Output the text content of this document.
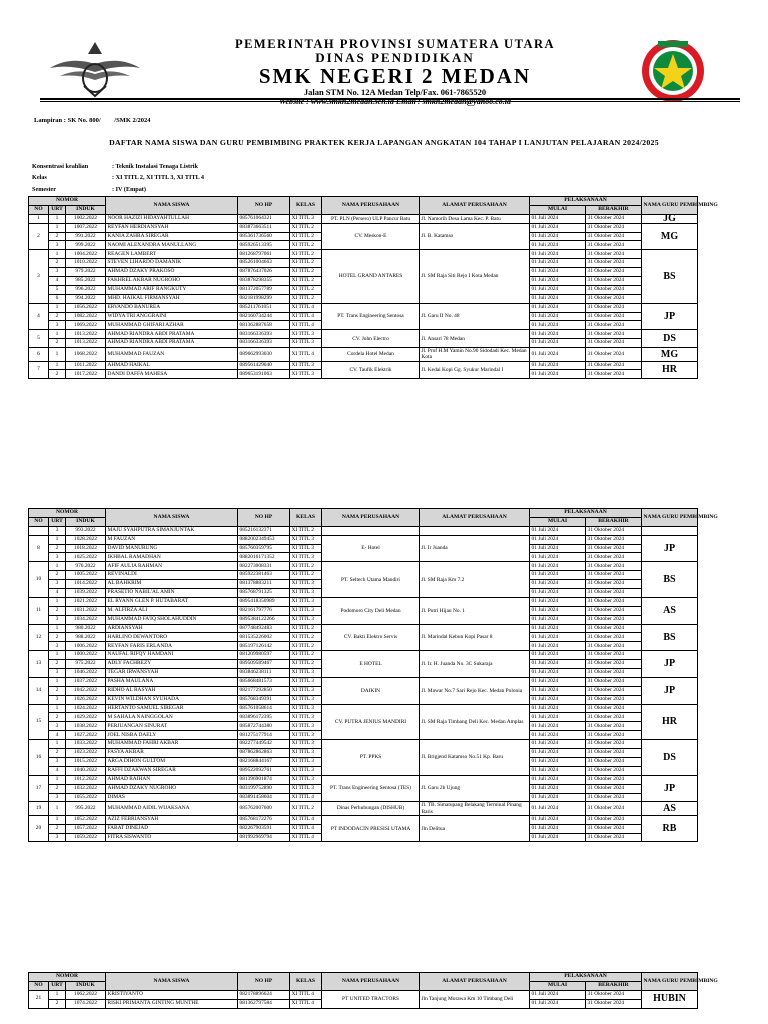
PEMERINTAH PROVINSI SUMATERA UTARA
DINAS PENDIDIKAN
SMK NEGERI 2 MEDAN
Jalan STM No. 12A Medan Telp/Fax. 061-7865520
Website : www.smkn2medan.sch.id Email : smkn2medan@yahoo.co.id
Lampiran : SK No. 800/ /SMK 2/2024
DAFTAR NAMA SISWA DAN GURU PEMBIMBING PRAKTEK KERJA LAPANGAN ANGKATAN 104 TAHAP I LANJUTAN PELAJARAN 2024/2025
Konsentrasi keahlian	: Teknik Instalasi Tenaga Listrik
Kelas	: XI TITL 2, XI TITL 3, XI TITL 4
Semester	: IV (Empat)
NOMOR			NAMA SISWA	NO HP	KELAS	NAMA PERUSAHAAN	ALAMAT PERUSAHAAN	PELAKSANAAN		NAMA GURU PEMBIMBING
NO	URT	INDUK						MULAI	BERAKHIR	
1	1	1002.2022	NOOR HAZIZI HIDAYAHTULLAH	085761064321	XI TITL 3	PT. PLN (Persero) ULP Pancur Batu	Jl. Namorih Desa Lama Kec. P. Batu	01 Juli 2024	31 Oktober 2024	JG
2	1	1007.2022	REYFAN HERDIANSYAH	083873663511	XI TITL 2	CV. Meskon-E	Jl. B. Katamso	01 Juli 2024	31 Oktober 2024	MG
	2	991.2022	KANIA ZAHRA SIREGAR	085361736560	XI TITL 2			01 Juli 2024	31 Oktober 2024	
	3	999.2022	NAOMI ALEXANDRA MANULLANG	085926513395	XI TITL 2			01 Juli 2024	31 Oktober 2024	
3	1	1004.2022	REAGEN LAMBERT	081268797061	XI TITL 2	HOTEL GRAND ANTARES	Jl. SM Raja Siti Rejo I Kota Medan	01 Juli 2024	31 Oktober 2024	BS
	2	1010.2022	STEVEN LIHARDO DAMANIK	085261004663	XI TITL 2			01 Juli 2024	31 Oktober 2024	
	3	979.2022	AHMAD DZAKY PRAKOSO	087876437026	XI TITL 2			01 Juli 2024	31 Oktober 2024	
	4	985.2022	FAKHREL AKBAR NUGROHO	083878298355	XI TITL 2			01 Juli 2024	31 Oktober 2024	
	5	996.2022	MUHAMMAD ARIF RANGKUTY	081372057789	XI TITL 2			01 Juli 2024	31 Oktober 2024	
	6	994.2022	MHD. HAIKAL FIRMANSYAH	082181998299	XI TITL 2			01 Juli 2024	31 Oktober 2024	
4	1	1056.2022	ERVANDO BANUREA	085211761051	XI TITL 4	PT. Trans Engineering Sentosa	Jl. Garu II No. 48	01 Juli 2024	31 Oktober 2024	JP
	2	1082.2022	WIDYA TRI ANGGRAINI	082160734244	XI TITL 4			01 Juli 2024	31 Oktober 2024	
	3	1069.2022	MUHAMMAD GHIFARI AZHAR	081362887658	XI TITL 4			01 Juli 2024	31 Oktober 2024	
5	1	1013.2022	AHMAD RIANDRA ABDI PRATAMA	083166336393	XI TITL 3	CV. John Electro	Jl. Ansari 78 Medan	01 Juli 2024	31 Oktober 2024	DS
	2	1013.2022	AHMAD RIANDRA ABDI PRATAMA	083166336393	XI TITL 3			01 Juli 2024	31 Oktober 2024	
6	1	1068.2022	MUHAMMAD FAUZAN	089662993030	XI TITL 4	Cordela Hotel Medan	Jl. Prof H.M Yamin No.90 Sidodadi Kec. Medan Kota	01 Juli 2024	31 Oktober 2024	MG
7	1	1011.2022	AHMAD HAIKAL	089561429040	XI TITL 3	CV. Taufik Elektrik	Jl. Kedai Kopi Gg. Syukur Marindal I	01 Juli 2024	31 Oktober 2024	HR
	2	1017.2022	DANDI DAFFA MAHESA	089653191063	XI TITL 3			01 Juli 2024	31 Oktober 2024	
NOMOR			NAMA SISWA	NO HP	KELAS	NAMA PERUSAHAAN	ALAMAT PERUSAHAAN	PELAKSANAAN		NAMA GURU PEMBIMBING
NO	URT	INDUK						MULAI	BERAKHIR	
	3	993.2022	MAJU SYAHPUTRA SIMANJUNTAK	085216132371	XI TITL 2			01 Juli 2024	31 Oktober 2024	
8	1	1028.2022	M FAUZAN	0882002349453	XI TITL 3	E- Hotel	Jl. Ir Juanda	01 Juli 2024	31 Oktober 2024	JP
	2	1018.2022	DAVID MANURUNG	085760359795	XI TITL 3			01 Juli 2024	31 Oktober 2024	
	3	1025.2022	IKHBAL RAMADHAN	0882016171352	XI TITL 3			01 Juli 2024	31 Oktober 2024	
10	1	976.2022	AFIF AULIA RAHMAN	082273008331	XI TITL 2	PT. Seltech Utama Mandiri	Jl. SM Raja Km 7.2	01 Juli 2024	31 Oktober 2024	BS
	2	1005.2022	REVINALDI	085922381463	XI TITL 2			01 Juli 2024	31 Oktober 2024	
	3	1014.2022	AL BAHKRIM	081378883211	XI TITL 3			01 Juli 2024	31 Oktober 2024	
	4	1039.2022	PRASETIO NABIL'AL AMIN	085768791325	XI TITL 3			01 Juli 2024	31 Oktober 2024	
11	1	1021.2022	EL RYANN GLEN P. HUTABARAT	0895418350989	XI TITL 3	Podomoro City Deli Medan	Jl. Putri Hijau No. 1	01 Juli 2024	31 Oktober 2024	AS
	2	1031.2022	M. ALFIRZA ALI	082161797776	XI TITL 3			01 Juli 2024	31 Oktober 2024	
	3	1034.2022	MUHAMMAD FA'IQ SHOLAHUDDIN	0895384122266	XI TITL 3			01 Juli 2024	31 Oktober 2024	
12	1	980.2022	ARDIANSYAH	087748492483	XI TITL 2	CV. Bakti Elektro Servis	Jl. Marindal Kebun Kopi Pasar 8	01 Juli 2024	31 Oktober 2024	BS
	2	988.2022	HARLINO DEWANTORO	081535226002	XI TITL 2			01 Juli 2024	31 Oktober 2024	
	3	1006.2022	REYFAN FARIS ERLANDA	085197126142	XI TITL 2			01 Juli 2024	31 Oktober 2024	
13	1	1000.2022	NAUFAL RIFQY HAMDANI	081209980597	XI TITL 2	E HOTEL	Jl. Ir. H. Juanda No. 3C Sukaraja	01 Juli 2024	31 Oktober 2024	JP
	2	975.2022	ADLY FACHREZY	089509589467	XI TITL 2			01 Juli 2024	31 Oktober 2024	
	3	1046.2022	TEGAR IRWANSYAH	083846238111	XI TITL 3			01 Juli 2024	31 Oktober 2024	
14	1	1037.2022	PASHA MAULANA	085668481573	XI TITL 3	DAIKIN	Jl. Mawar No.7 Sari Rejo Kec. Medan Polonia	01 Juli 2024	31 Oktober 2024	JP
	2	1042.2022	RIDHO AL RASYAH	082177292850	XI TITL 3			01 Juli 2024	31 Oktober 2024	
	3	1026.2022	KEVIN WILDHAN SYUHADA	085768349391	XI TITL 3			01 Juli 2024	31 Oktober 2024	
15	1	1024.2022	HERTANTO SAMUEL SIREGAR	085761058614	XI TITL 3	CV. PUTRA JENIUS MANDIRI	Jl. SM Raja Timbang Deli Kec. Medan Amplas	01 Juli 2024	31 Oktober 2024	HR
	2	1029.2022	M SAHALA NAINGGOLAN	083896172395	XI TITL 3			01 Juli 2024	31 Oktober 2024	
	3	1038.2022	PERJUANGAN SINURAT	085872744380	XI TITL 3			01 Juli 2024	31 Oktober 2024	
	4	1027.2022	JOEL NISBA DAELY	081275177914	XI TITL 3			01 Juli 2024	31 Oktober 2024	
16	1	1033.2022	MUHAMMAD FAHRI AKBAR	082277449542	XI TITL 3	PT. PPKS	Jl. Brigjend Katamso No.51 Kp. Baru	01 Juli 2024	31 Oktober 2024	DS
	2	1023.2022	FASYA AKBAR	087862862863	XI TITL 3			01 Juli 2024	31 Oktober 2024	
	3	1015.2022	ARGA DIHON GULTOM	082168844167	XI TITL 3			01 Juli 2024	31 Oktober 2024	
	4	1040.2022	RAFFI DZAKWAN SIREGAR	089522092761	XI TITL 3			01 Juli 2024	31 Oktober 2024	
17	1	1012.2022	AHMAD RAIHAN	081396901874	XI TITL 3	PT. Trans Engineering Sentosa (TES)	Jl. Garu 2b Ujung	01 Juli 2024	31 Oktober 2024	JP
	2	1032.2022	AHMAD DZAKY NUGROHO	083199752890	XI TITL 3			01 Juli 2024	31 Oktober 2024	
	3	1055.2022	DIMAS	083891458604	XI TITL 4			01 Juli 2024	31 Oktober 2024	
19	1	995.2022	MUHAMMAD AIDIL WIJAKSANA	085762007600	XI TITL 2	Dinas Perhubungan (DISHUB)	Jl. TB. Simatupang Belakang Terminal Pinang Baris	01 Juli 2024	31 Oktober 2024	AS
20	1	1052.2022	AZIZ FEBRIANSYAH	085768172276	XI TITL 4	PT INDODACIN PRESISI UTAMA	Jln Delitua	01 Juli 2024	31 Oktober 2024	RB
	2	1057.2022	FABAT DINEJAD	082267903591	XI TITL 4			01 Juli 2024	31 Oktober 2024	
	3	1059.2022	FITRA SISWANTO	081992969794	XI TITL 4			01 Juli 2024	31 Oktober 2024	
NOMOR			NAMA SISWA	NO HP	KELAS	NAMA PERUSAHAAN	ALAMAT PERUSAHAAN	PELAKSANAAN		NAMA GURU PEMBIMBING
NO	URT	INDUK						MULAI	BERAKHIR	
21	1	1062.2022	KRISTIYANTO	082178896624	XI TITL 4	PT UNITED TRACTORS	Jln Tanjung Morawa Km 10 Timbang Deli	01 Juli 2024	31 Oktober 2024	HUBIN
	2	1074.2022	RISKI PRIMANTA GINTING MUNTHE	081362797584	XI TITL 4			01 Juli 2024	31 Oktober 2024	
